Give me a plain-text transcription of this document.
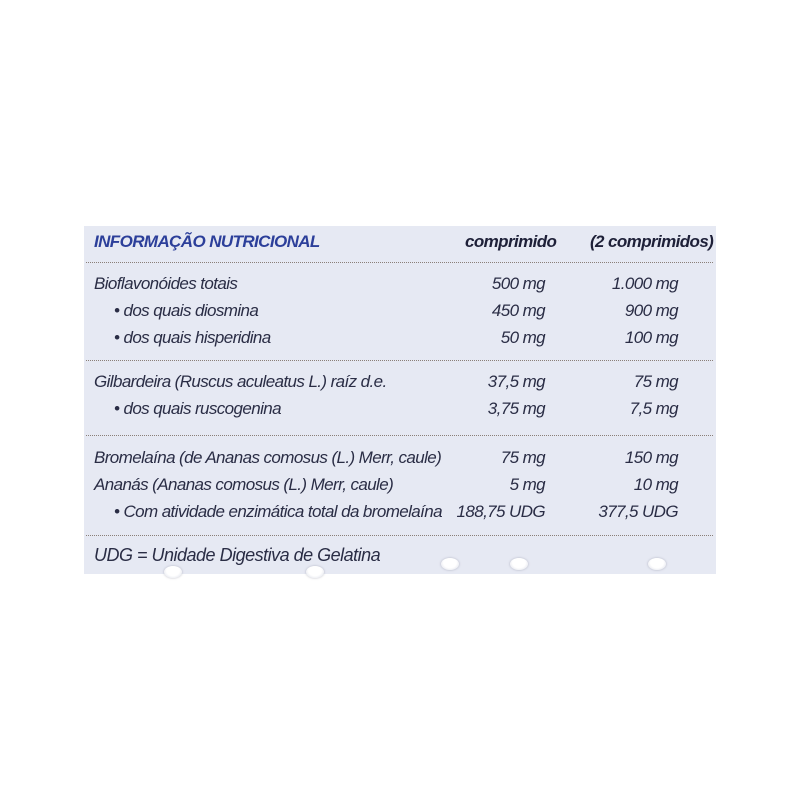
INFORMAÇÃO NUTRICIONAL	comprimido (2 comprimidos)
Bioflavonóides totais	500 mg	1.000 mg
• dos quais diosmina	450 mg	900 mg
• dos quais hisperidina	50 mg	100 mg
Gilbardeira (Ruscus aculeatus L.) raíz d.e.	37,5 mg	75 mg
• dos quais ruscogenina	3,75 mg	7,5 mg
Bromelaína (de Ananas comosus (L.) Merr, caule)	75 mg	150 mg
Ananás (Ananas comosus (L.) Merr, caule)	5 mg	10 mg
• Com atividade enzimática total da bromelaína 188,75 UDG	377,5 UDG
UDG = Unidade Digestiva de Gelatina
